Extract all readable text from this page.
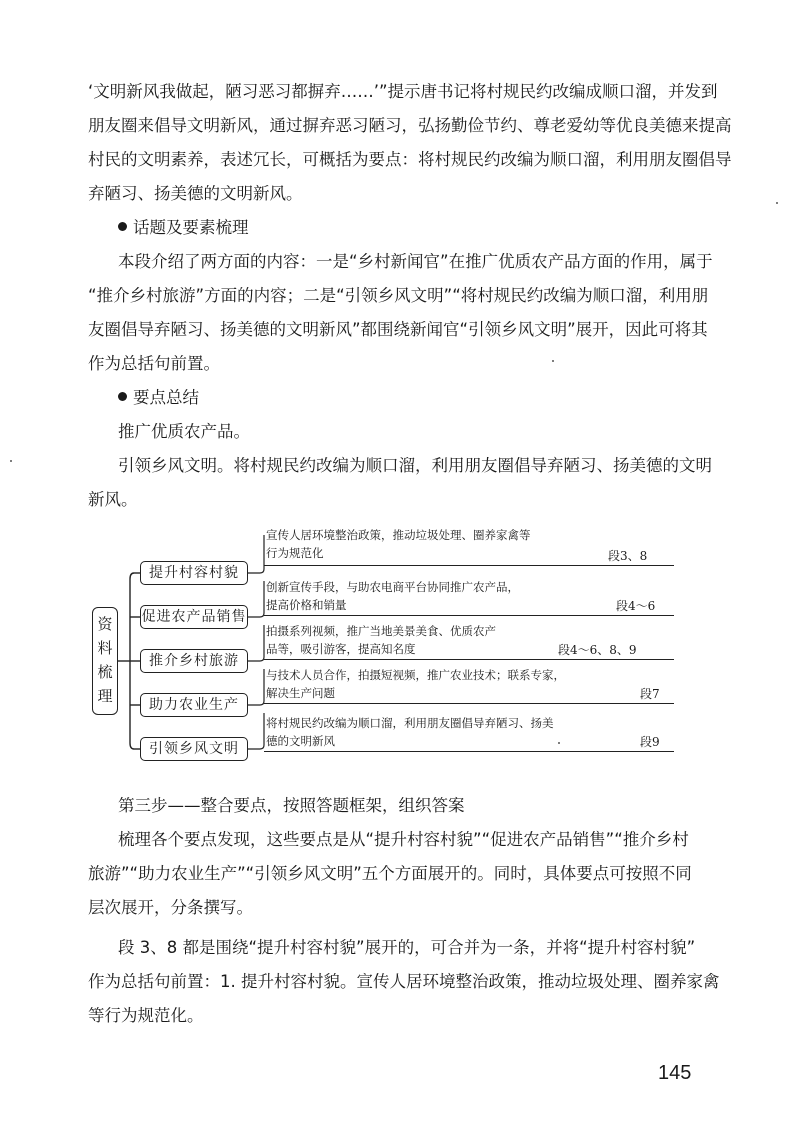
‘文明新风我做起，陋习恶习都摒弃……’”提示唐书记将村规民约改编成顺口溜，并发到
朋友圈来倡导文明新风，通过摒弃恶习陋习，弘扬勤俭节约、尊老爱幼等优良美德来提高
村民的文明素养，表述冗长，可概括为要点：将村规民约改编为顺口溜，利用朋友圈倡导
弃陋习、扬美德的文明新风。
话题及要素梳理
本段介绍了两方面的内容：一是“乡村新闻官”在推广优质农产品方面的作用，属于
“推介乡村旅游”方面的内容；二是“引领乡风文明”“将村规民约改编为顺口溜，利用朋
友圈倡导弃陋习、扬美德的文明新风”都围绕新闻官“引领乡风文明”展开，因此可将其
作为总括句前置。
要点总结
推广优质农产品。
引领乡风文明。将村规民约改编为顺口溜，利用朋友圈倡导弃陋习、扬美德的文明
新风。
资
料
梳
理
提升村容村貌
宣传人居环境整治政策，推动垃圾处理、圈养家禽等
行为规范化	段3、8
促进农产品销售
创新宣传手段，与助农电商平台协同推广农产品，
提高价格和销量	段4～6
推介乡村旅游
拍摄系列视频，推广当地美景美食、优质农产
品等，吸引游客，提高知名度	段4～6、8、9
助力农业生产
与技术人员合作，拍摄短视频，推广农业技术；联系专家，
解决生产问题	段7
引领乡风文明
将村规民约改编为顺口溜，利用朋友圈倡导弃陋习、扬美
德的文明新风	段9
第三步——整合要点，按照答题框架，组织答案
梳理各个要点发现，这些要点是从“提升村容村貌”“促进农产品销售”“推介乡村
旅游”“助力农业生产”“引领乡风文明”五个方面展开的。同时，具体要点可按照不同
层次展开，分条撰写。
段 3、8 都是围绕“提升村容村貌”展开的，可合并为一条，并将“提升村容村貌”
作为总括句前置：1. 提升村容村貌。宣传人居环境整治政策，推动垃圾处理、圈养家禽
等行为规范化。
145
